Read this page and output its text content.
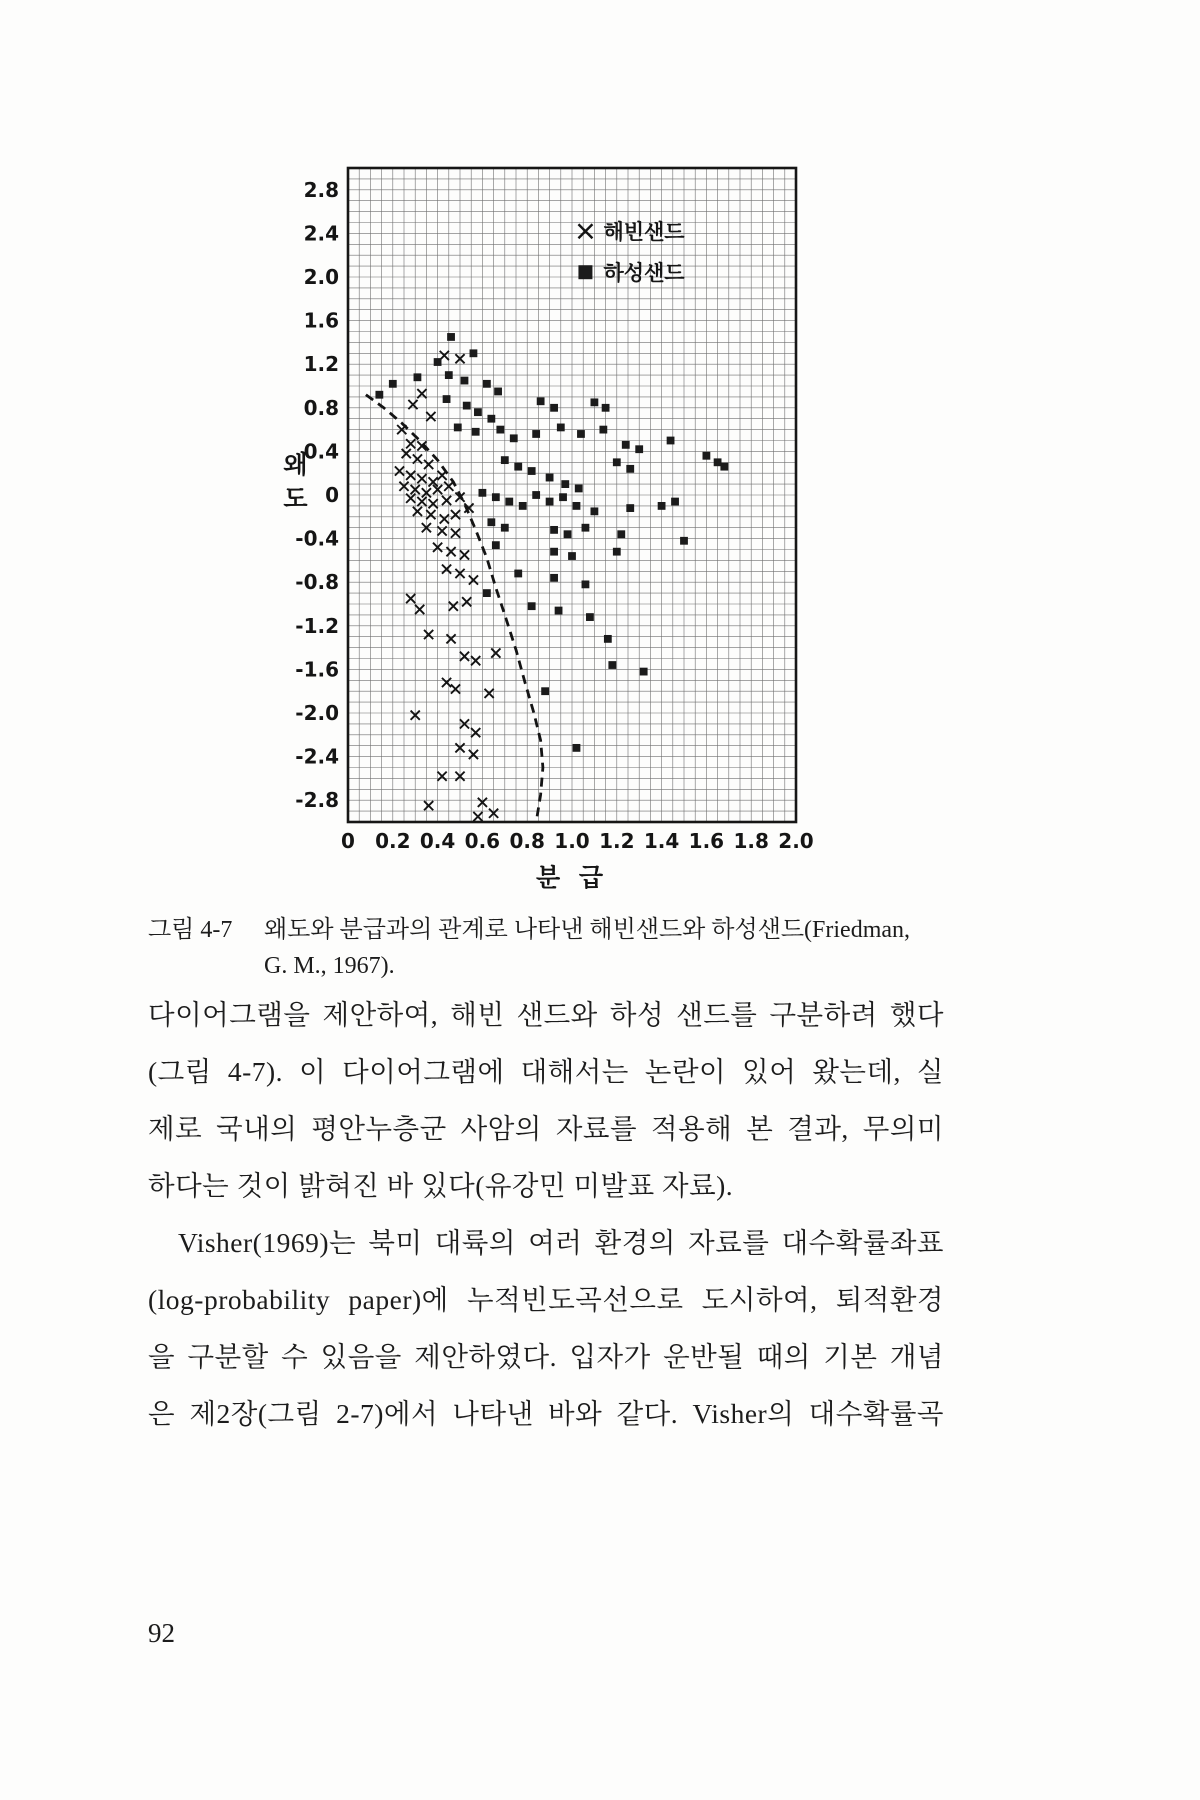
0 0.2 0.4 0.6 0.8 1.0 1.2 1.4 1.6 1.8 2.0
2.8
2.4
2.0
1.6
1.2
0.8
0.4
0
-0.4
-0.8
-1.2
-1.6
-2.0
-2.4
-2.8
분 급
왜
도
해빈샌드
하성샌드
그림 4-7 왜도와 분급과의 관계로 나타낸 해빈샌드와 하성샌드(Friedman,
G. M., 1967).
다이어그램을 제안하여, 해빈 샌드와 하성 샌드를 구분하려 했다
(그림 4-7). 이 다이어그램에 대해서는 논란이 있어 왔는데, 실
제로 국내의 평안누층군 사암의 자료를 적용해 본 결과, 무의미
하다는 것이 밝혀진 바 있다(유강민 미발표 자료).
Visher(1969)는 북미 대륙의 여러 환경의 자료를 대수확률좌표
(log-probability paper)에 누적빈도곡선으로 도시하여, 퇴적환경
을 구분할 수 있음을 제안하였다. 입자가 운반될 때의 기본 개념
은 제2장(그림 2-7)에서 나타낸 바와 같다. Visher의 대수확률곡
92
